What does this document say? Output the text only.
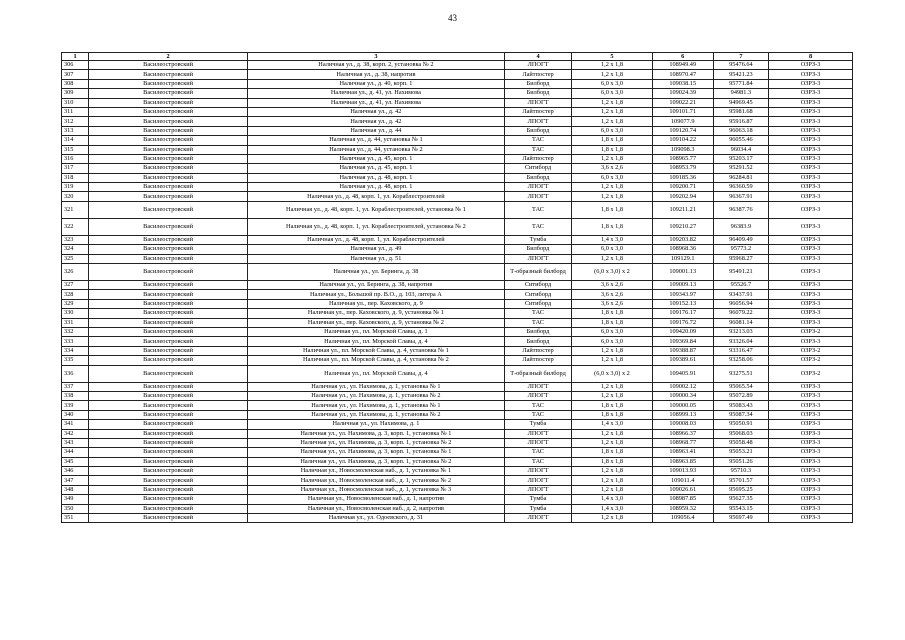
43
1	2	3	4	5	6	7	8
306	Василеостровский	Наличная ул., д. 38, корп. 2, установка № 2	ЛПОГТ	1,2 х 1,8	108949.49	95476.64	ОЗРЗ-3
307	Василеостровский	Наличная ул., д. 38, напротив	Лайтпостер	1,2 х 1,8	108970.47	95421.23	ОЗРЗ-3
308	Василеостровский	Наличная ул., д. 40, корп. 1	Билборд	6,0 х 3,0	109038.15	95771.84	ОЗРЗ-3
309	Василеостровский	Наличная ул., д. 41, ул. Нахимова	Билборд	6,0 х 3,0	109024.39	94981.3	ОЗРЗ-3
310	Василеостровский	Наличная ул., д. 41, ул. Нахимова	ЛПОГТ	1,2 х 1,8	109022.21	94969.45	ОЗРЗ-3
311	Василеостровский	Наличная ул., д. 42	Лайтпостер	1,2 х 1,8	109101.71	95981.68	ОЗРЗ-3
312	Василеостровский	Наличная ул., д. 42	ЛПОГТ	1,2 х 1,8	109077.9	95916.87	ОЗРЗ-3
313	Василеостровский	Наличная ул., д. 44	Билборд	6,0 х 3,0	109120.74	96063.18	ОЗРЗ-3
314	Василеостровский	Наличная ул., д. 44, установка № 1	ТАС	1,8 х 1,8	109104.22	96055.46	ОЗРЗ-3
315	Василеостровский	Наличная ул., д. 44, установка № 2	ТАС	1,8 х 1,8	109098.3	96034.4	ОЗРЗ-3
316	Василеостровский	Наличная ул., д. 45, корп. 1	Лайтпостер	1,2 х 1,8	108965.77	95203.17	ОЗРЗ-3
317	Василеостровский	Наличная ул., д. 45, корп. 1	Ситиборд	3,6 х 2,6	108953.79	95291.52	ОЗРЗ-3
318	Василеостровский	Наличная ул., д. 48, корп. 1	Билборд	6,0 х 3,0	109185.36	96284.81	ОЗРЗ-3
319	Василеостровский	Наличная ул., д. 48, корп. 1	ЛПОГТ	1,2 х 1,8	109200.71	96360.59	ОЗРЗ-3
320	Василеостровский	Наличная ул., д. 48, корп. 1, ул. Кораблестроителей	ЛПОГТ	1,2 х 1,8	109202.94	96367.91	ОЗРЗ-3
321	Василеостровский	Наличная ул., д. 48, корп. 1, ул. Кораблестроителей, установка № 1	ТАС	1,8 х 1,8	109211.21	96387.76	ОЗРЗ-3
322	Василеостровский	Наличная ул., д. 48, корп. 1, ул. Кораблестроителей, установка № 2	ТАС	1,8 х 1,8	109210.27	96383.9	ОЗРЗ-3
323	Василеостровский	Наличная ул., д. 48, корп. 1, ул. Кораблестроителей	Тумба	1,4 х 3,0	109203.82	96409.49	ОЗРЗ-3
324	Василеостровский	Наличная ул., д. 49	Билборд	6,0 х 3,0	108968.36	95773.2	ОЗРЗ-3
325	Василеостровский	Наличная ул., д. 51	ЛПОГТ	1,2 х 1,8	109129.1	95968.27	ОЗРЗ-3
326	Василеостровский	Наличная ул., ул. Беринга, д. 38	Т-образный билборд	(6,0 х 3,0) х 2	109001.13	95491.21	ОЗРЗ-3
327	Василеостровский	Наличная ул., ул. Беринга, д. 38, напротив	Ситиборд	3,6 х 2,6	109009.13	95526.7	ОЗРЗ-3
328	Василеостровский	Наличная ул., Большой пр. В.О., д. 103, литера А	Ситиборд	3,6 х 2,6	109343.97	93437.91	ОЗРЗ-3
329	Василеостровский	Наличная ул., пер. Каховского, д. 9	Ситиборд	3,6 х 2,6	109152.13	96056.94	ОЗРЗ-3
330	Василеостровский	Наличная ул., пер. Каховского, д. 9, установка № 1	ТАС	1,8 х 1,8	109176.17	96079.22	ОЗРЗ-3
331	Василеостровский	Наличная ул., пер. Каховского, д. 9, установка № 2	ТАС	1,8 х 1,8	109176.72	96081.14	ОЗРЗ-3
332	Василеостровский	Наличная ул., пл. Морской Славы, д. 1	Билборд	6,0 х 3,0	109420.09	93213.03	ОЗРЗ-2
333	Василеостровский	Наличная ул., пл. Морской Славы, д. 4	Билборд	6,0 х 3,0	109369.84	93326.04	ОЗРЗ-3
334	Василеостровский	Наличная ул., пл. Морской Славы, д. 4, установка № 1	Лайтпостер	1,2 х 1,8	109388.87	93316.47	ОЗРЗ-2
335	Василеостровский	Наличная ул., пл. Морской Славы, д. 4, установка № 2	Лайтпостер	1,2 х 1,8	109389.61	93258.06	ОЗРЗ-2
336	Василеостровский	Наличная ул., пл. Морской Славы, д. 4	Т-образный билборд	(6,0 х 3,0) х 2	109405.91	93275.51	ОЗРЗ-2
337	Василеостровский	Наличная ул., ул. Нахимова, д. 1, установка № 1	ЛПОГТ	1,2 х 1,8	109002.12	95065.54	ОЗРЗ-3
338	Василеостровский	Наличная ул., ул. Нахимова, д. 1, установка № 2	ЛПОГТ	1,2 х 1,8	109000.34	95072.89	ОЗРЗ-3
339	Василеостровский	Наличная ул., ул. Нахимова, д. 1, установка № 1	ТАС	1,8 х 1,8	109000.05	95083.43	ОЗРЗ-3
340	Василеостровский	Наличная ул., ул. Нахимова, д. 1, установка № 2	ТАС	1,8 х 1,8	108999.13	95087.34	ОЗРЗ-3
341	Василеостровский	Наличная ул., ул. Нахимова, д. 1	Тумба	1,4 х 3,0	109008.03	95050.91	ОЗРЗ-3
342	Василеостровский	Наличная ул., ул. Нахимова, д. 3, корп. 1, установка № 1	ЛПОГТ	1,2 х 1,8	108966.37	95068.03	ОЗРЗ-3
343	Василеостровский	Наличная ул., ул. Нахимова, д. 3, корп. 1, установка № 2	ЛПОГТ	1,2 х 1,8	108968.77	95058.48	ОЗРЗ-3
344	Василеостровский	Наличная ул., ул. Нахимова, д. 3, корп. 1, установка № 1	ТАС	1,8 х 1,8	108963.41	95053.21	ОЗРЗ-3
345	Василеостровский	Наличная ул., ул. Нахимова, д. 3, корп. 1, установка № 2	ТАС	1,8 х 1,8	108963.85	95051.26	ОЗРЗ-3
346	Василеостровский	Наличная ул., Новосмоленская наб., д. 1, установка № 1	ЛПОГТ	1,2 х 1,8	109013.93	95710.3	ОЗРЗ-3
347	Василеостровский	Наличная ул., Новосмоленская наб., д. 1, установка № 2	ЛПОГТ	1,2 х 1,8	109011.4	95701.57	ОЗРЗ-3
348	Василеостровский	Наличная ул., Новосмоленская наб., д. 1, установка № 3	ЛПОГТ	1,2 х 1,8	109026.61	95695.25	ОЗРЗ-3
349	Василеостровский	Наличная ул., Новосмоленская наб., д. 1, напротив	Тумба	1,4 х 3,0	108987.85	95627.35	ОЗРЗ-3
350	Василеостровский	Наличная ул., Новосмоленская наб., д. 2, напротив	Тумба	1,4 х 3,0	108959.32	95543.15	ОЗРЗ-3
351	Василеостровский	Наличная ул., ул. Одоевского, д. 31	ЛПОГТ	1,2 х 1,8	109056.4	95697.49	ОЗРЗ-3
